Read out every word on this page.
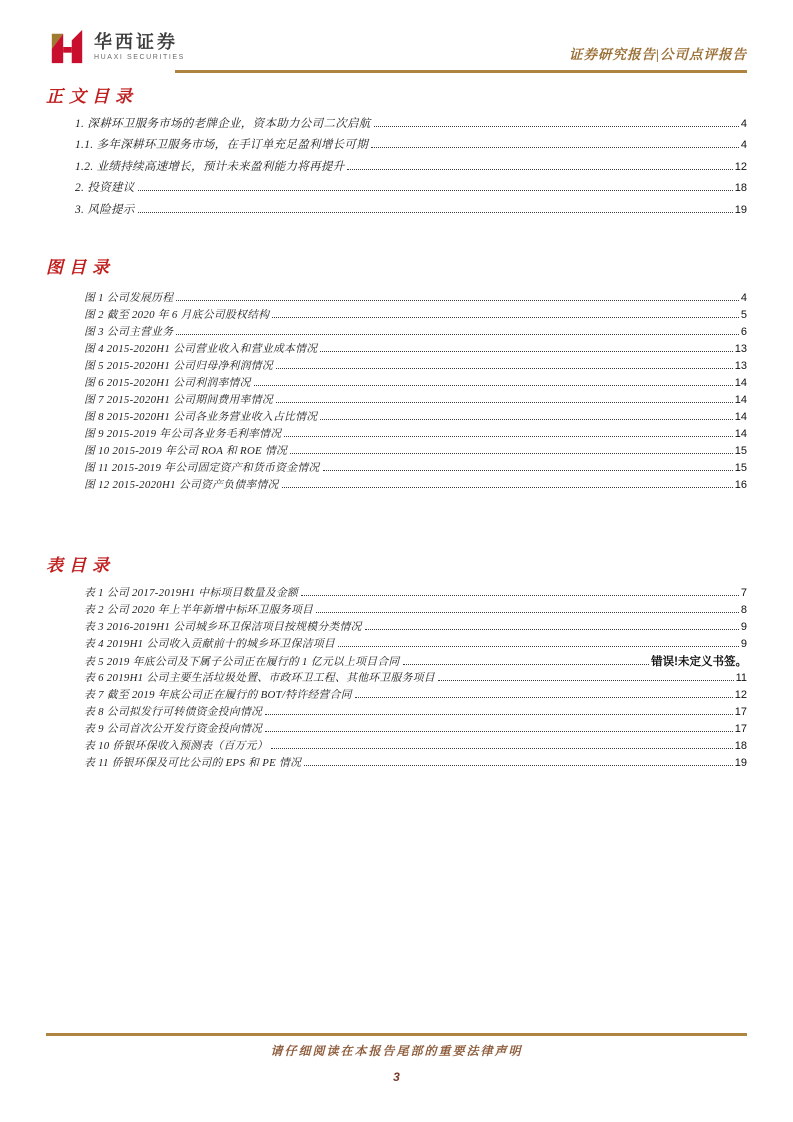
华西证券
HUAXI SECURITIES	证券研究报告|公司点评报告
正文目录
1. 深耕环卫服务市场的老牌企业，资本助力公司二次启航	4
1.1. 多年深耕环卫服务市场，在手订单充足盈利增长可期	4
1.2. 业绩持续高速增长，预计未来盈利能力将再提升	12
2. 投资建议	18
3. 风险提示	19
图目录
图 1 公司发展历程	4
图 2 截至 2020 年 6 月底公司股权结构	5
图 3 公司主营业务	6
图 4 2015-2020H1 公司营业收入和营业成本情况	13
图 5 2015-2020H1 公司归母净利润情况	13
图 6 2015-2020H1 公司利润率情况	14
图 7 2015-2020H1 公司期间费用率情况	14
图 8 2015-2020H1 公司各业务营业收入占比情况	14
图 9 2015-2019 年公司各业务毛利率情况	14
图 10 2015-2019 年公司 ROA 和 ROE 情况	15
图 11 2015-2019 年公司固定资产和货币资金情况	15
图 12 2015-2020H1 公司资产负债率情况	16
表目录
表 1 公司 2017-2019H1 中标项目数量及金额	7
表 2 公司 2020 年上半年新增中标环卫服务项目	8
表 3 2016-2019H1 公司城乡环卫保洁项目按规模分类情况	9
表 4 2019H1 公司收入贡献前十的城乡环卫保洁项目	9
表 5 2019 年底公司及下属子公司正在履行的 1 亿元以上项目合同	错误!未定义书签。
表 6 2019H1 公司主要生活垃圾处置、市政环卫工程、其他环卫服务项目	11
表 7 截至 2019 年底公司正在履行的 BOT/特许经营合同	12
表 8 公司拟发行可转债资金投向情况	17
表 9 公司首次公开发行资金投向情况	17
表 10 侨银环保收入预测表（百万元）	18
表 11 侨银环保及可比公司的 EPS 和 PE 情况	19
请仔细阅读在本报告尾部的重要法律声明
3
